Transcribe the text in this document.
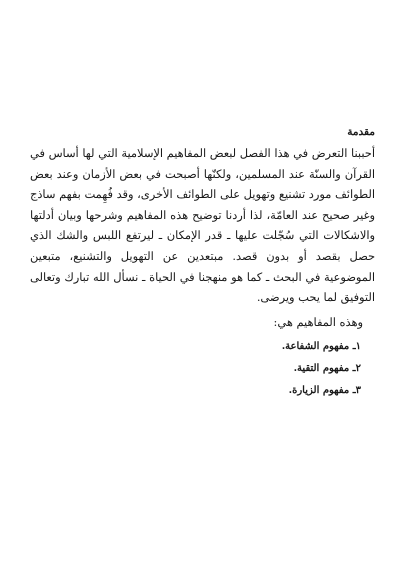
مقدمة

أحببنا التعرض في هذا الفصل لبعض المفاهيم الإسلامية التي لها أساس في القرآن والسنّة عند المسلمين، ولكنّها أصبحت في بعض الأزمان وعند بعض الطوائف مورد تشنيع وتهويل على الطوائف الأخرى، وقد فُهِمت بفهم ساذج وغير صحيح عند العامّة، لذا أردنا توضيح هذه المفاهيم وشرحها وبيان أدلتها والاشكالات التي سُجّلت عليها ـ قدر الإمكان ـ ليرتفع اللبس والشك الذي حصل بقصد أو بدون قصد. مبتعدين عن التهويل والتشنيع، متبعين الموضوعية في البحث ـ كما هو منهجنا في الحياة ـ نسأل الله تبارك وتعالى التوفيق لما يحب ويرضى.

وهذه المفاهيم هي:
١ـ مفهوم الشفاعة.
٢ـ مفهوم التقية.
٣ـ مفهوم الزيارة.
